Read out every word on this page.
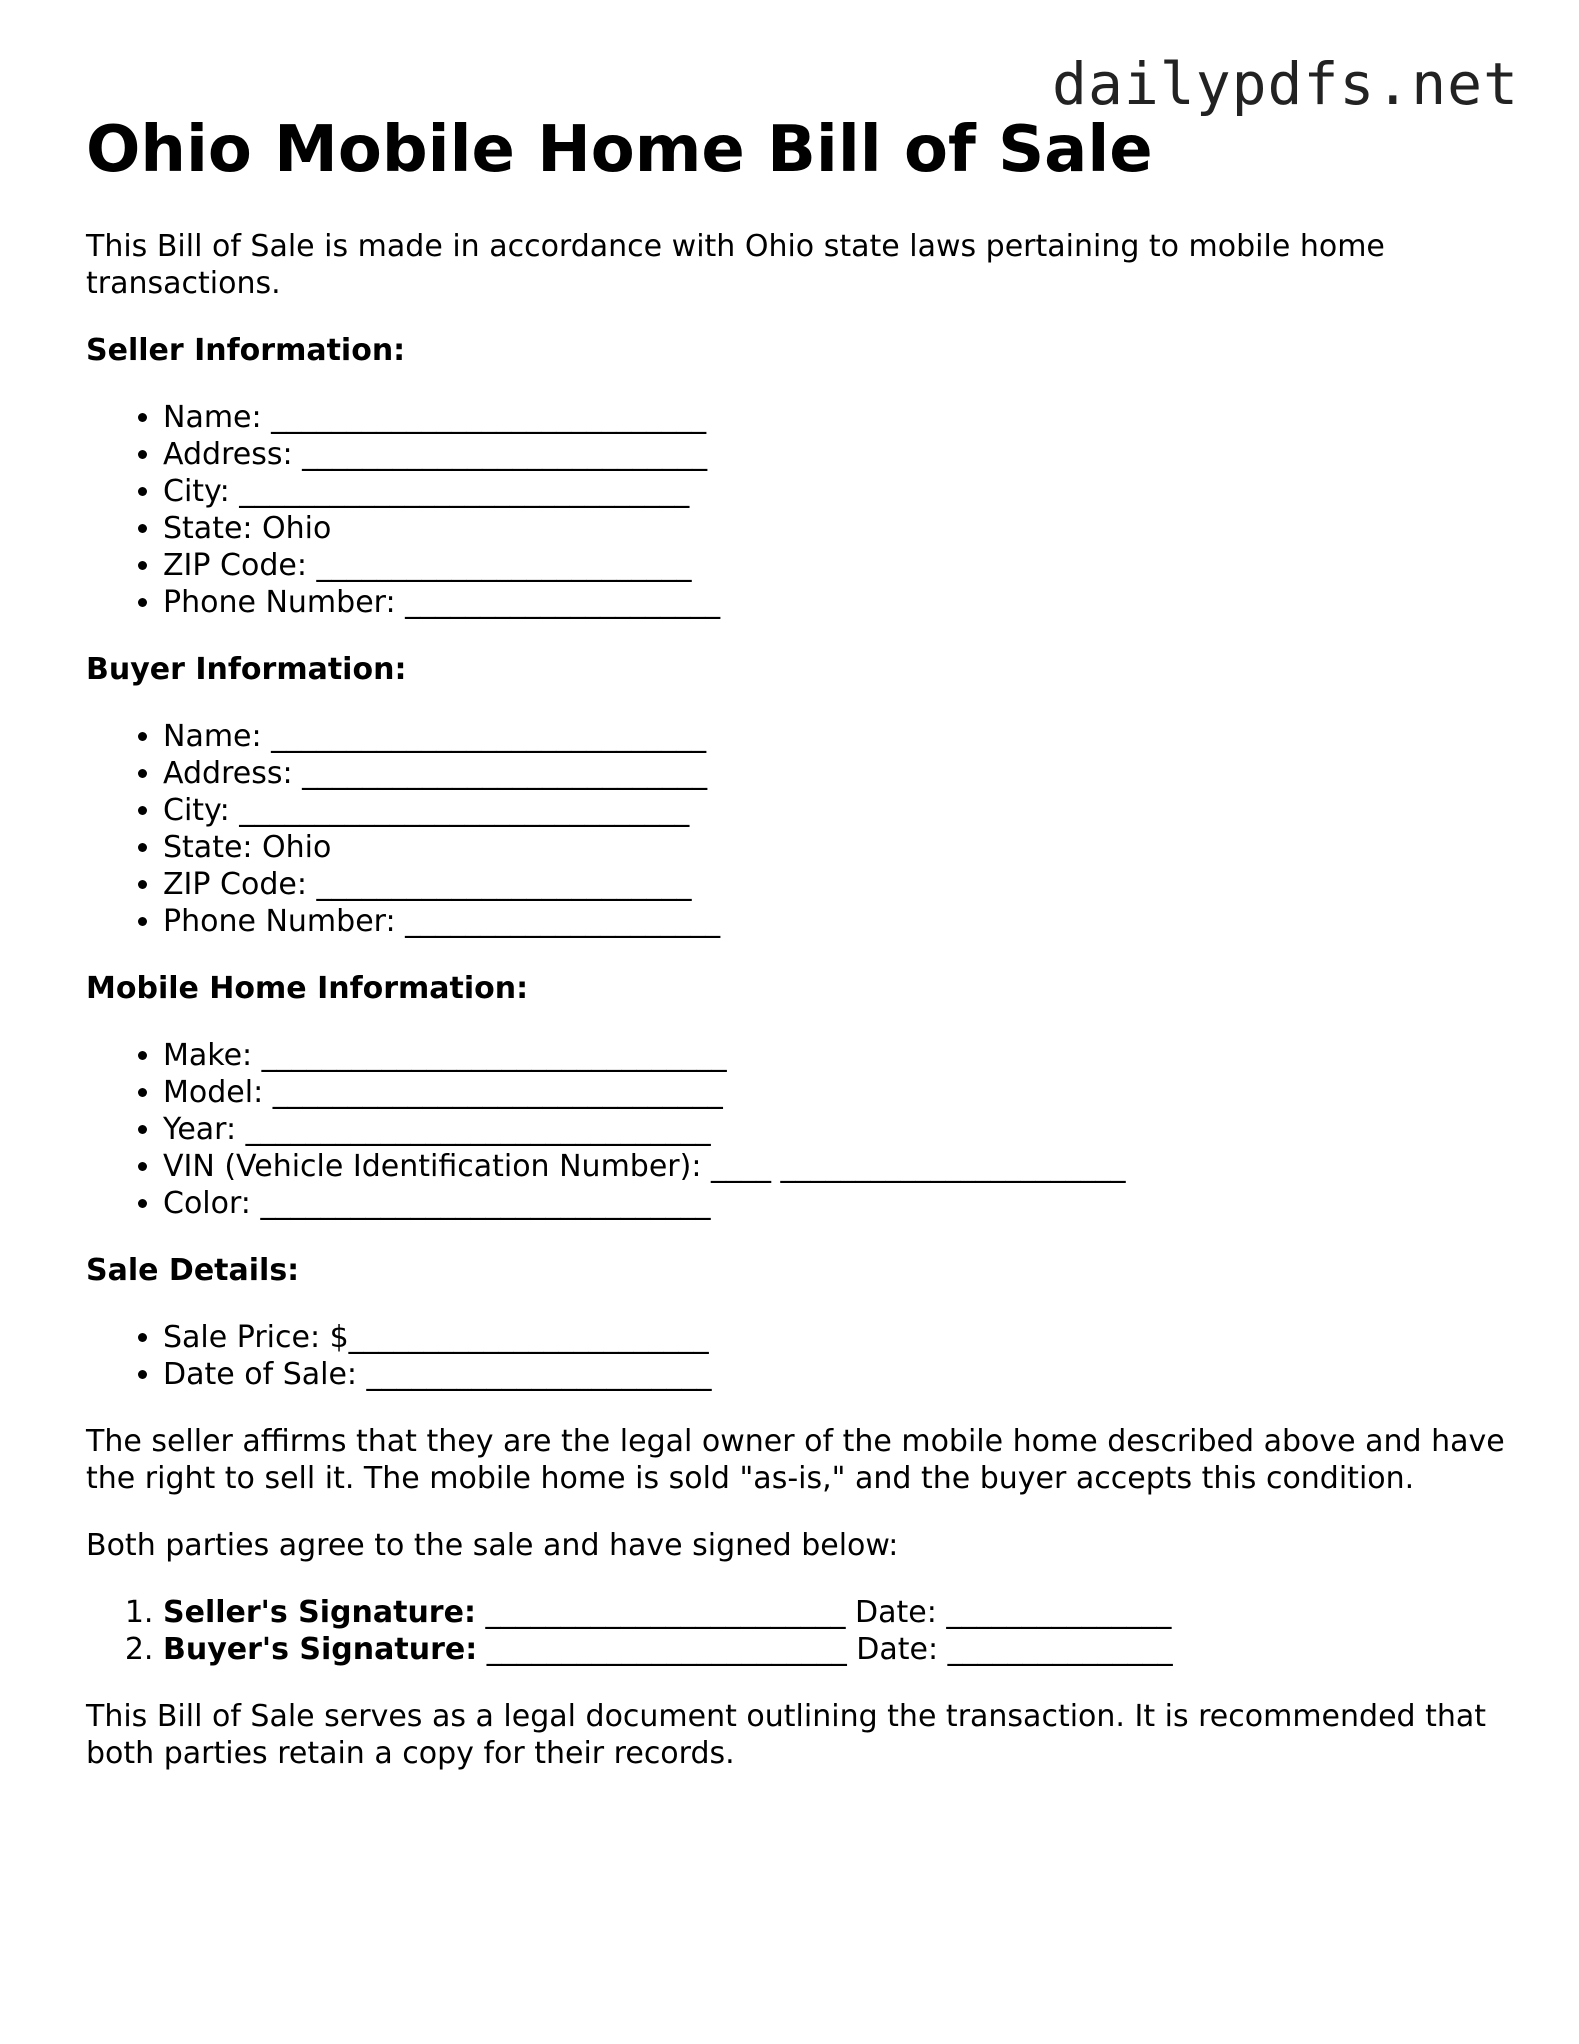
dailypdfs.net
Ohio Mobile Home Bill of Sale

This Bill of Sale is made in accordance with Ohio state laws pertaining to mobile home transactions.

Seller Information:
• Name: _____________________________
• Address: ___________________________
• City: ______________________________
• State: Ohio
• ZIP Code: _________________________
• Phone Number: _____________________
Buyer Information:
• Name: _____________________________
• Address: ___________________________
• City: ______________________________
• State: Ohio
• ZIP Code: _________________________
• Phone Number: _____________________
Mobile Home Information:
• Make: _______________________________
• Model: ______________________________
• Year: _______________________________
• VIN (Vehicle Identification Number): ____ _______________________
• Color: ______________________________
Sale Details:
• Sale Price: $________________________
• Date of Sale: _______________________

The seller affirms that they are the legal owner of the mobile home described above and have the right to sell it. The mobile home is sold "as-is," and the buyer accepts this condition.

Both parties agree to the sale and have signed below:

1. Seller's Signature: ________________________ Date: _______________
2. Buyer's Signature: ________________________ Date: _______________

This Bill of Sale serves as a legal document outlining the transaction. It is recommended that both parties retain a copy for their records.
